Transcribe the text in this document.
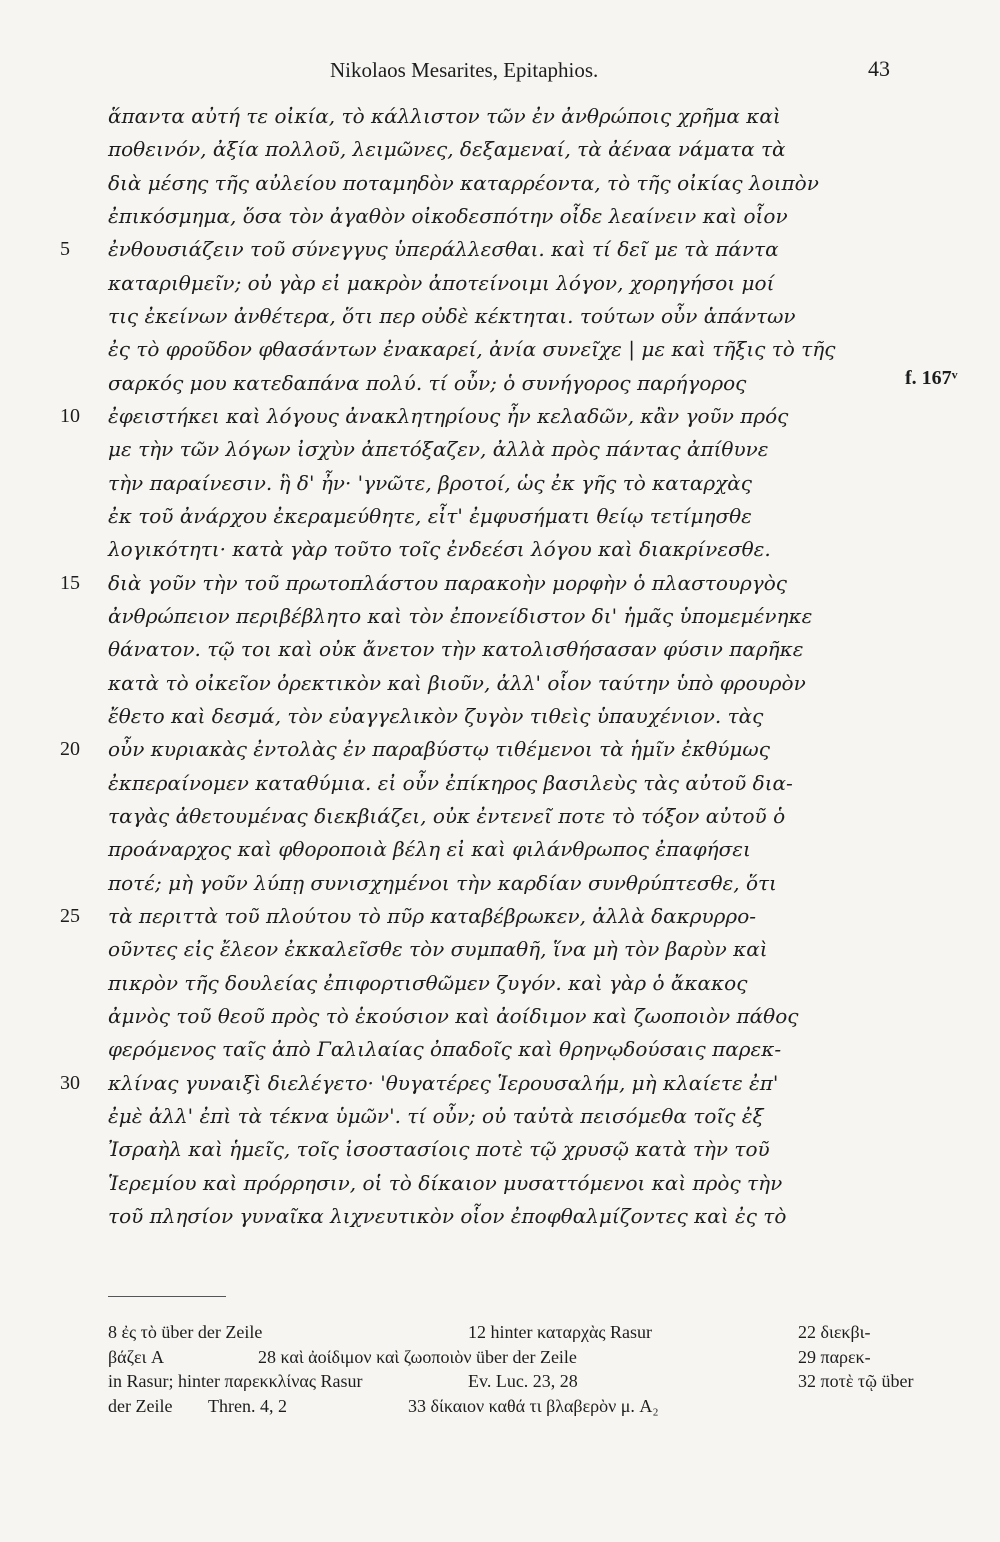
Nikolaos Mesarites, Epitaphios.	43
ἅπαντα αὐτή τε οἰκία, τὸ κάλλιστον τῶν ἐν ἀνθρώποις χρῆμα καὶ
ποθεινόν, ἀξία πολλοῦ, λειμῶνες, δεξαμεναί, τὰ ἀέναα νάματα τὰ
διὰ μέσης τῆς αὐλείου ποταμηδὸν καταρρέοντα, τὸ τῆς οἰκίας λοιπὸν
ἐπικόσμημα, ὅσα τὸν ἀγαθὸν οἰκοδεσπότην οἶδε λεαίνειν καὶ οἷον
5	ἐνθουσιάζειν τοῦ σύνεγγυς ὑπεράλλεσθαι. καὶ τί δεῖ με τὰ πάντα
καταριθμεῖν; οὐ γὰρ εἰ μακρὸν ἀποτείνοιμι λόγον, χορηγήσοι μοί
τις ἐκείνων ἀνθέτερα, ὅτι περ οὐδὲ κέκτηται. τούτων οὖν ἁπάντων
ἐς τὸ φροῦδον φθασάντων ἐνακαρεί, ἀνία συνεῖχε | με καὶ τῆξις τὸ τῆς
σαρκός μου κατεδαπάνα πολύ. τί οὖν; ὁ συνήγορος παρήγορος
10	ἐφειστήκει καὶ λόγους ἀνακλητηρίους ἦν κελαδῶν, κἂν γοῦν πρός
με τὴν τῶν λόγων ἰσχὺν ἀπετόξαζεν, ἀλλὰ πρὸς πάντας ἀπίθυνε
τὴν παραίνεσιν. ἣ δ' ἦν· 'γνῶτε, βροτοί, ὡς ἐκ γῆς τὸ καταρχὰς
ἐκ τοῦ ἀνάρχου ἐκεραμεύθητε, εἶτ' ἐμφυσήματι θείῳ τετίμησθε
λογικότητι· κατὰ γὰρ τοῦτο τοῖς ἐνδεέσι λόγου καὶ διακρίνεσθε.
15	διὰ γοῦν τὴν τοῦ πρωτοπλάστου παρακοὴν μορφὴν ὁ πλαστουργὸς
ἀνθρώπειον περιβέβλητο καὶ τὸν ἐπονείδιστον δι' ἡμᾶς ὑπομεμένηκε
θάνατον. τῷ τοι καὶ οὐκ ἄνετον τὴν κατολισθήσασαν φύσιν παρῆκε
κατὰ τὸ οἰκεῖον ὀρεκτικὸν καὶ βιοῦν, ἀλλ' οἷον ταύτην ὑπὸ φρουρὸν
ἔθετο καὶ δεσμά, τὸν εὐαγγελικὸν ζυγὸν τιθεὶς ὑπαυχένιον. τὰς
20	οὖν κυριακὰς ἐντολὰς ἐν παραβύστῳ τιθέμενοι τὰ ἡμῖν ἐκθύμως
ἐκπεραίνομεν καταθύμια. εἰ οὖν ἐπίκηρος βασιλεὺς τὰς αὐτοῦ δια-
ταγὰς ἀθετουμένας διεκβιάζει, οὐκ ἐντενεῖ ποτε τὸ τόξον αὐτοῦ ὁ
προάναρχος καὶ φθοροποιὰ βέλη εἰ καὶ φιλάνθρωπος ἐπαφήσει
ποτέ; μὴ γοῦν λύπῃ συνισχημένοι τὴν καρδίαν συνθρύπτεσθε, ὅτι
25	τὰ περιττὰ τοῦ πλούτου τὸ πῦρ καταβέβρωκεν, ἀλλὰ δακρυρρο-
οῦντες εἰς ἔλεον ἐκκαλεῖσθε τὸν συμπαθῆ, ἵνα μὴ τὸν βαρὺν καὶ
πικρὸν τῆς δουλείας ἐπιφορτισθῶμεν ζυγόν. καὶ γὰρ ὁ ἄκακος
ἀμνὸς τοῦ θεοῦ πρὸς τὸ ἑκούσιον καὶ ἀοίδιμον καὶ ζωοποιὸν πάθος
φερόμενος ταῖς ἀπὸ Γαλιλαίας ὀπαδοῖς καὶ θρηνῳδούσαις παρεκ-
30	κλίνας γυναιξὶ διελέγετο· 'θυγατέρες Ἱερουσαλήμ, μὴ κλαίετε ἐπ'
ἐμὲ ἀλλ' ἐπὶ τὰ τέκνα ὑμῶν'. τί οὖν; οὐ ταὐτὰ πεισόμεθα τοῖς ἐξ
Ἰσραὴλ καὶ ἡμεῖς, τοῖς ἰσοστασίοις ποτὲ τῷ χρυσῷ κατὰ τὴν τοῦ
Ἱερεμίου καὶ πρόρρησιν, οἱ τὸ δίκαιον μυσαττόμενοι καὶ πρὸς τὴν
τοῦ πλησίον γυναῖκα λιχνευτικὸν οἷον ἐποφθαλμίζοντες καὶ ἐς τὸ
f. 167ᵛ
8 ἐς τὸ über der Zeile	12 hinter καταρχὰς Rasur	22 διεκβι-
βάζει A	28 καὶ ἀοίδιμον καὶ ζωοποιὸν über der Zeile	29 παρεκ-
in Rasur; hinter παρεκκλίνας Rasur	Ev. Luc. 23, 28	32 ποτὲ τῷ über
der Zeile Thren. 4, 2	33 δίκαιον καθά τι βλαβερὸν μ. A₂
